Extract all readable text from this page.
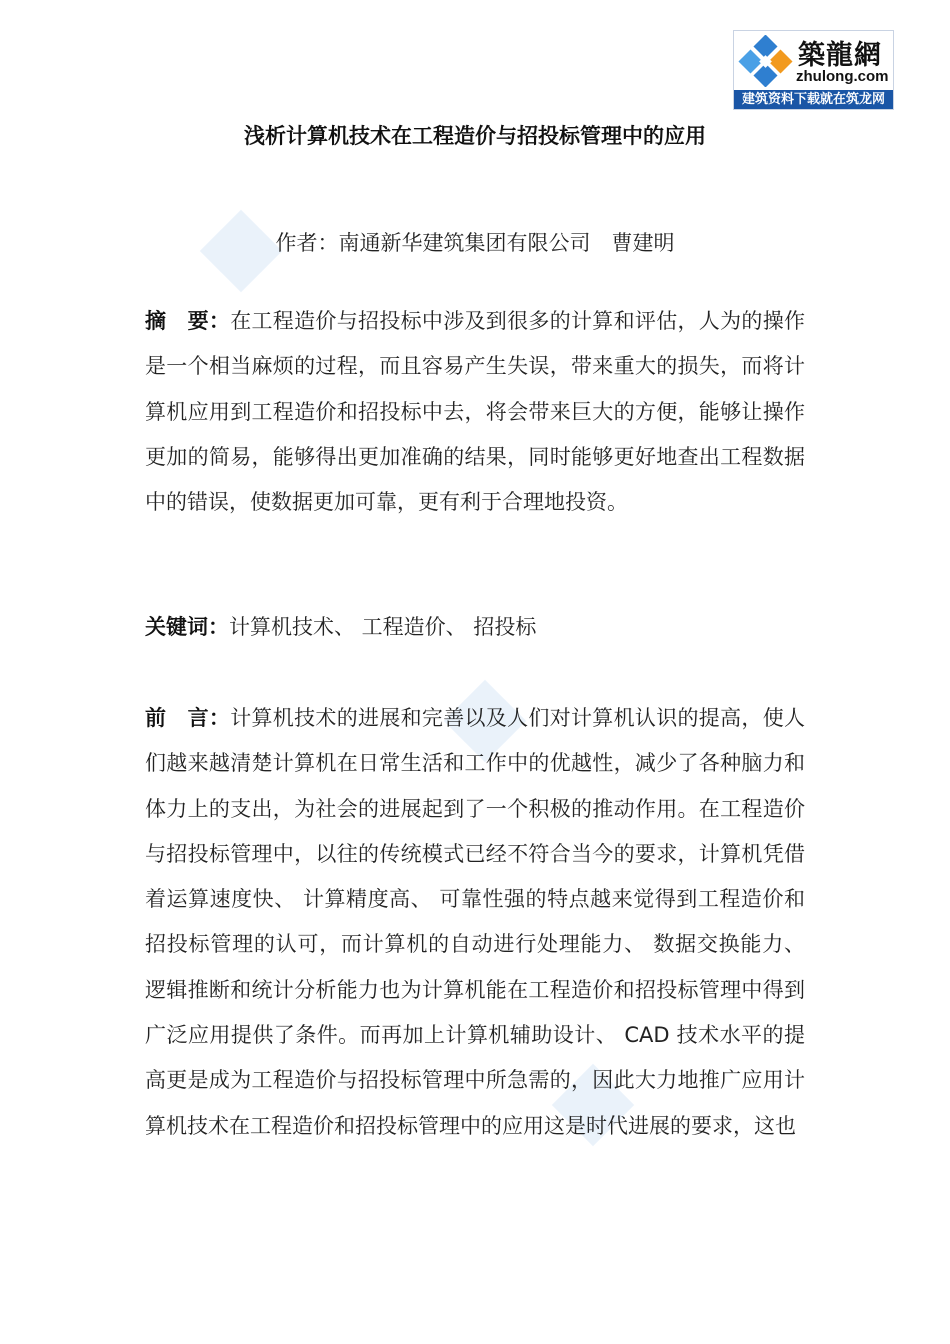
築龍網
zhulong.com
建筑资料下载就在筑龙网
浅析计算机技术在工程造价与招投标管理中的应用
作者：南通新华建筑集团有限公司　曹建明
摘　要：在工程造价与招投标中涉及到很多的计算和评估，人为的操作是一个相当麻烦的过程，而且容易产生失误，带来重大的损失，而将计算机应用到工程造价和招投标中去，将会带来巨大的方便，能够让操作更加的简易，能够得出更加准确的结果，同时能够更好地查出工程数据中的错误，使数据更加可靠，更有利于合理地投资。
关键词：计算机技术、 工程造价、 招投标
前　言：计算机技术的进展和完善以及人们对计算机认识的提高，使人们越来越清楚计算机在日常生活和工作中的优越性，减少了各种脑力和体力上的支出，为社会的进展起到了一个积极的推动作用。在工程造价与招投标管理中，以往的传统模式已经不符合当今的要求，计算机凭借着运算速度快、 计算精度高、 可靠性强的特点越来觉得到工程造价和招投标管理的认可，而计算机的自动进行处理能力、 数据交换能力、 逻辑推断和统计分析能力也为计算机能在工程造价和招投标管理中得到广泛应用提供了条件。而再加上计算机辅助设计、 CAD 技术水平的提高更是成为工程造价与招投标管理中所急需的，因此大力地推广应用计算机技术在工程造价和招投标管理中的应用这是时代进展的要求，这也
